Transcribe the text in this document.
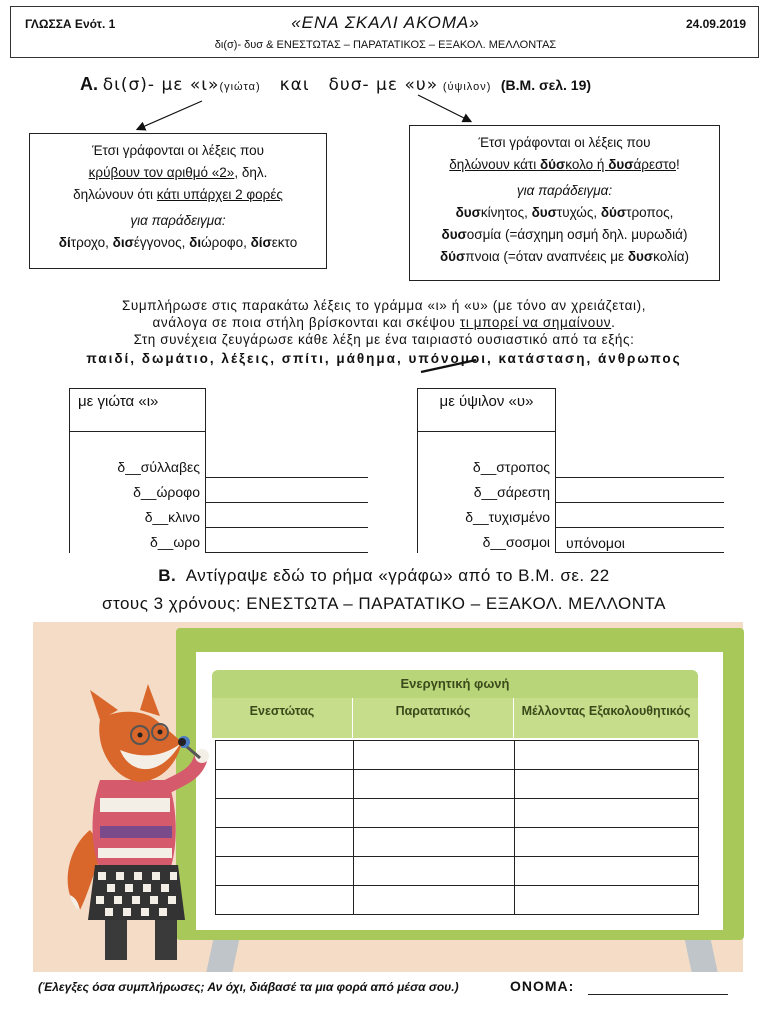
ΓΛΩΣΣΑ Ενότ. 1	«ΕΝΑ ΣΚΑΛΙ ΑΚΟΜΑ»	24.09.2019
δι(σ)- δυσ & ΕΝΕΣΤΩΤΑΣ – ΠΑΡΑΤΑΤΙΚΟΣ – ΕΞΑΚΟΛ. ΜΕΛΛΟΝΤΑΣ
Α. δι(σ)- με «ι»(γιώτα) και δυσ- με «υ» (ύψιλον) (Β.Μ. σελ. 19)
Έτσι γράφονται οι λέξεις που
κρύβουν τον αριθμό «2», δηλ.
δηλώνουν ότι κάτι υπάρχει 2 φορές
για παράδειγμα:
δίτροχο, δισέγγονος, διώροφο, δίσεκτο
Έτσι γράφονται οι λέξεις που
δηλώνουν κάτι δύσκολο ή δυσάρεστο!
για παράδειγμα:
δυσκίνητος, δυστυχώς, δύστροπος,
δυσοσμία (=άσχημη οσμή δηλ. μυρωδιά)
δύσπνοια (=όταν αναπνέεις με δυσκολία)
Συμπλήρωσε στις παρακάτω λέξεις το γράμμα «ι» ή «υ» (με τόνο αν χρειάζεται),
ανάλογα σε ποια στήλη βρίσκονται και σκέψου τι μπορεί να σημαίνουν.
Στη συνέχεια ζευγάρωσε κάθε λέξη με ένα ταιριαστό ουσιαστικό από τα εξής:
παιδί, δωμάτιο, λέξεις, σπίτι, μάθημα, υπόνομοι, κατάσταση, άνθρωπος
με γιώτα «ι»
δ__σύλλαβες
δ__ώροφο
δ__κλινο
δ__ωρο
με ύψιλον «υ»
δ__στροπος
δ__σάρεστη
δ__τυχισμένο
δ__σοσμοι	υπόνομοι
Β. Αντίγραψε εδώ το ρήμα «γράφω» από το Β.Μ. σε. 22
στους 3 χρόνους: ΕΝΕΣΤΩΤΑ – ΠΑΡΑΤΑΤΙΚΟ – ΕΞΑΚΟΛ. ΜΕΛΛΟΝΤΑ
Ενεργητική φωνή
Ενεστώτας	Παρατατικός	Μέλλοντας Εξακολουθητικός

(Έλεγξες όσα συμπλήρωσες; Αν όχι, διάβασέ τα μια φορά από μέσα σου.)	ΟΝΟΜΑ:
